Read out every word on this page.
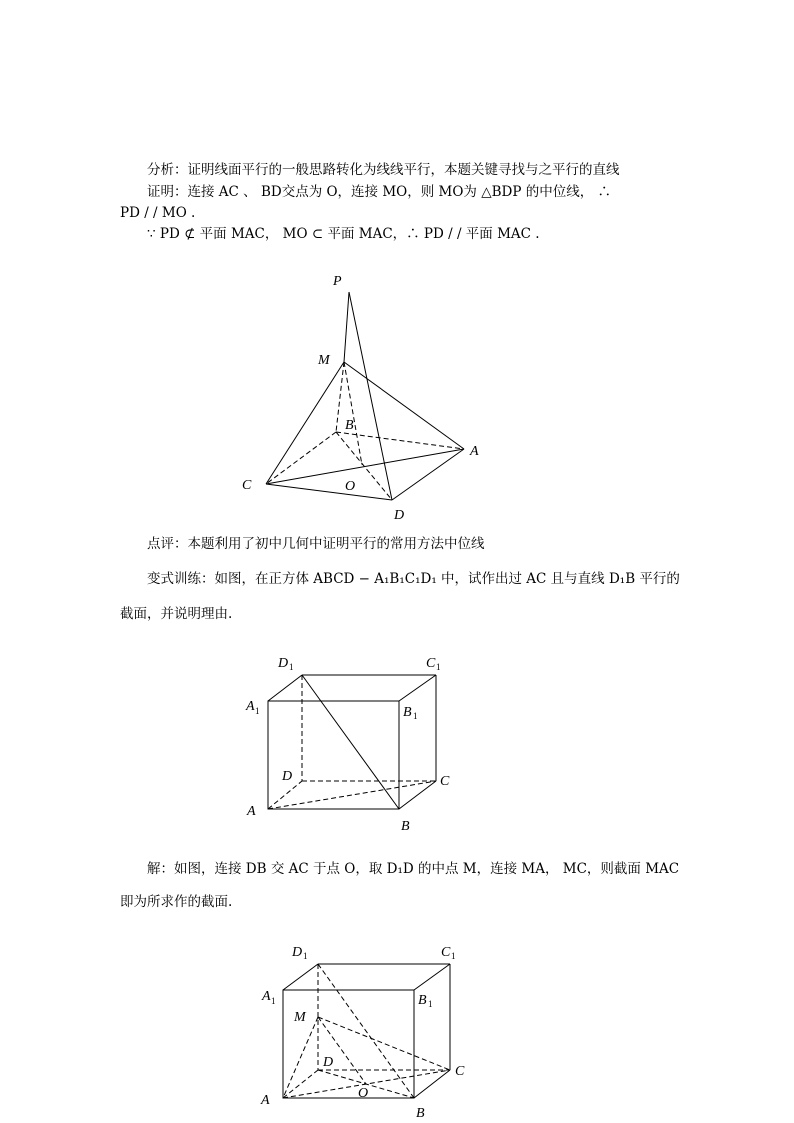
分析：证明线面平行的一般思路转化为线线平行，本题关键寻找与之平行的直线
证明：连接 AC 、 BD交点为 O，连接 MO，则 MO为 △BDP 的中位线， ∴
PD / / MO .
∵ PD ⊄ 平面 MAC， MO ⊂ 平面 MAC，∴ PD / / 平面 MAC .
P
M
B
A
C	O
D
点评：本题利用了初中几何中证明平行的常用方法中位线
变式训练：如图，在正方体 ABCD − A₁B₁C₁D₁ 中，试作出过 AC 且与直线 D₁B 平行的
截面，并说明理由.
D 1	C 1
A 1	B 1
D	C
A
B
解：如图，连接 DB 交 AC 于点 O，取 D₁D 的中点 M，连接 MA， MC，则截面 MAC
即为所求作的截面.
D 1	C 1
A 1	B 1
M
D
C
O
A
B
